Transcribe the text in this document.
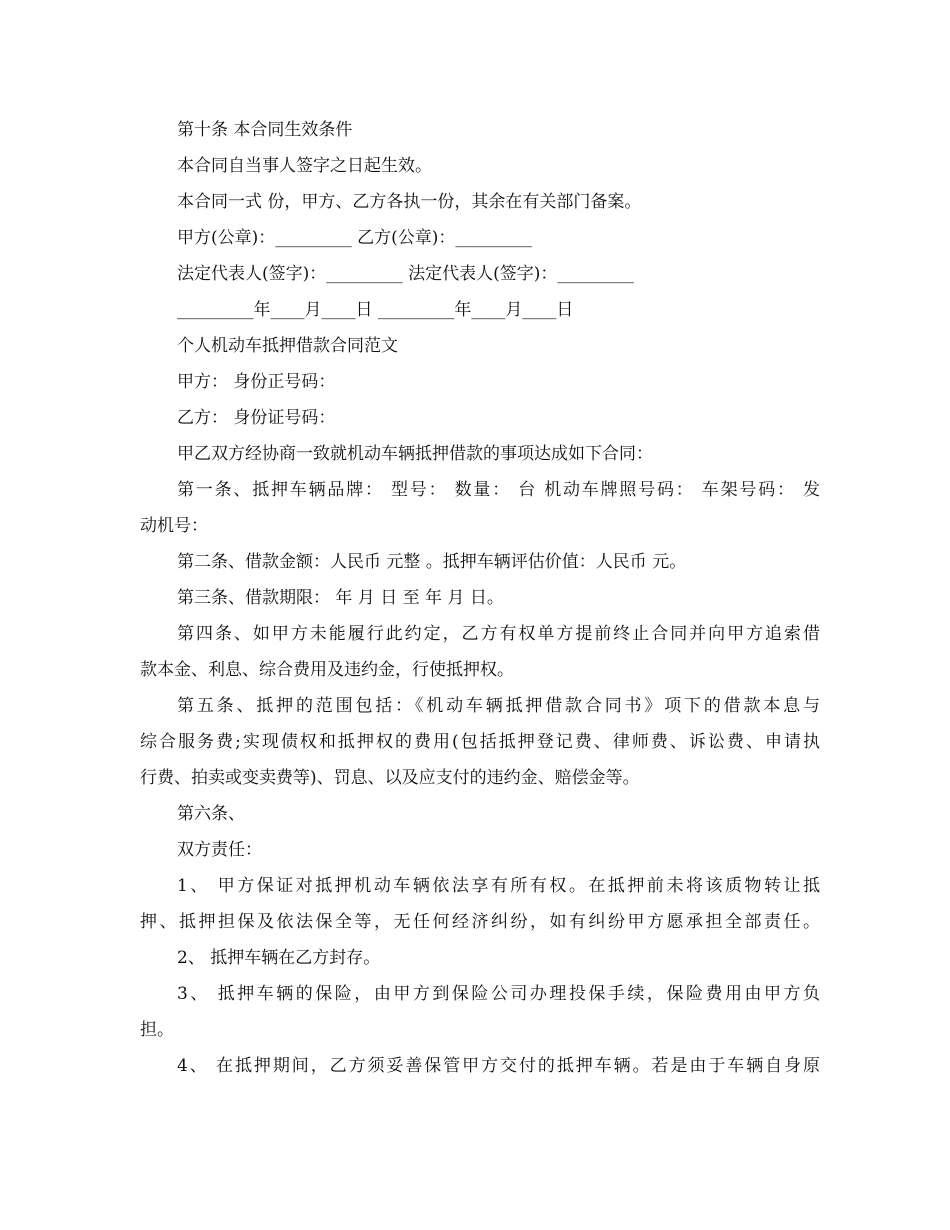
第十条 本合同生效条件
本合同自当事人签字之日起生效。
本合同一式 份，甲方、乙方各执一份，其余在有关部门备案。
甲方(公章)：_________ 乙方(公章)：_________
法定代表人(签字)：_________ 法定代表人(签字)：_________
_________年____月____日 _________年____月____日
个人机动车抵押借款合同范文
甲方： 身份正号码：
乙方： 身份证号码：
甲乙双方经协商一致就机动车辆抵押借款的事项达成如下合同：
第一条、抵押车辆品牌： 型号： 数量： 台 机动车牌照号码： 车架号码： 发
动机号：
第二条、借款金额：人民币 元整 。抵押车辆评估价值：人民币 元。
第三条、借款期限： 年 月 日 至 年 月 日。
第四条、如甲方未能履行此约定，乙方有权单方提前终止合同并向甲方追索借
款本金、利息、综合费用及违约金，行使抵押权。
第五条、抵押的范围包括：《机动车辆抵押借款合同书》项下的借款本息与
综合服务费;实现债权和抵押权的费用(包括抵押登记费、律师费、诉讼费、申请执
行费、拍卖或变卖费等)、罚息、以及应支付的违约金、赔偿金等。
第六条、
双方责任：
1、 甲方保证对抵押机动车辆依法享有所有权。在抵押前未将该质物转让抵
押、抵押担保及依法保全等，无任何经济纠纷，如有纠纷甲方愿承担全部责任。
2、 抵押车辆在乙方封存。
3、 抵押车辆的保险，由甲方到保险公司办理投保手续，保险费用由甲方负
担。
4、 在抵押期间，乙方须妥善保管甲方交付的抵押车辆。若是由于车辆自身原
